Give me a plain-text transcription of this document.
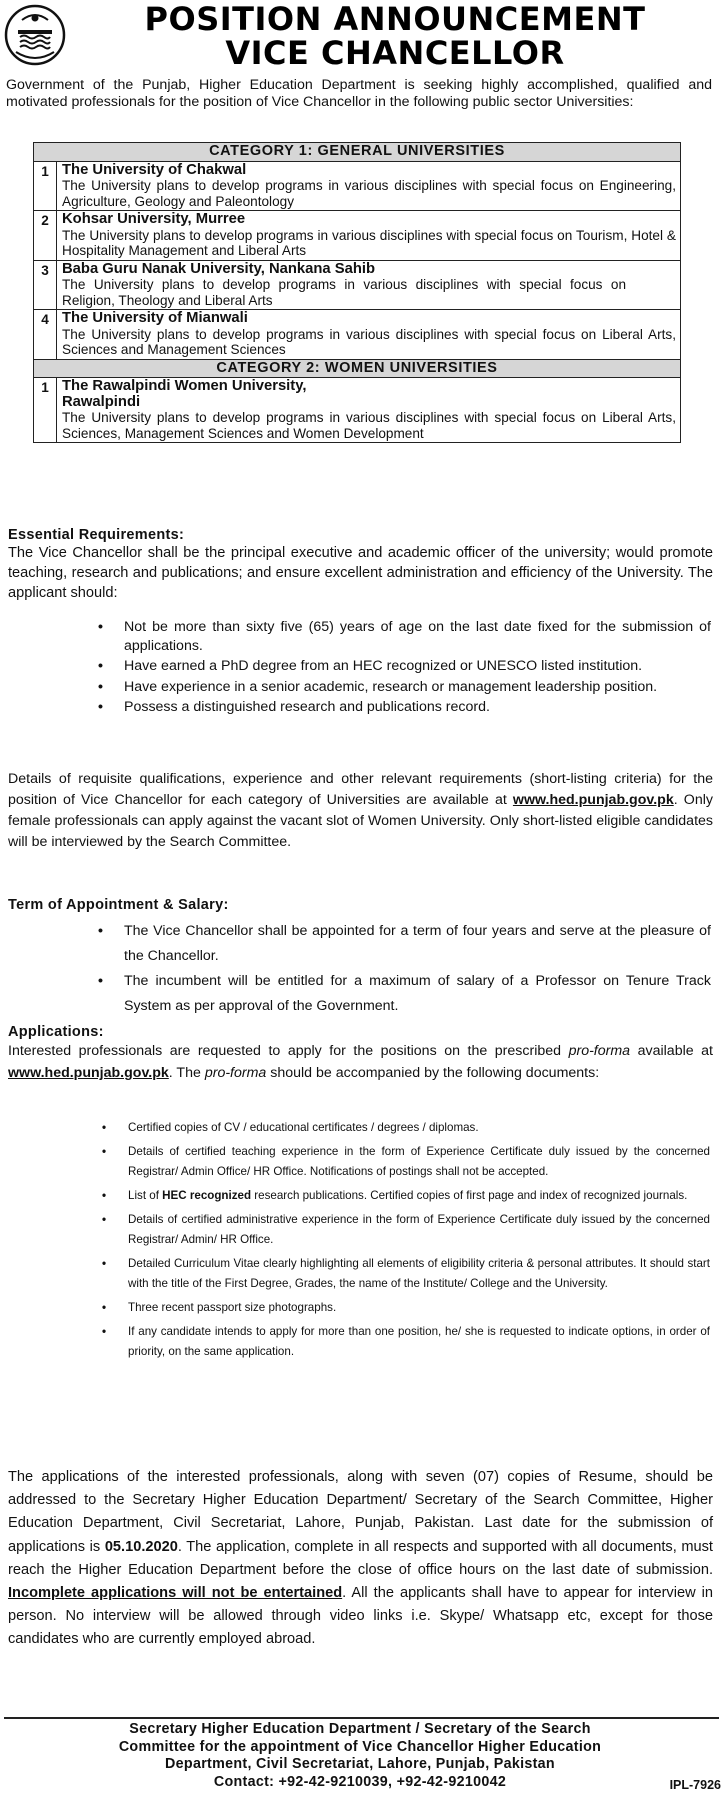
POSITION ANNOUNCEMENT
VICE CHANCELLOR
Government of the Punjab, Higher Education Department is seeking highly accomplished, qualified and motivated professionals for the position of Vice Chancellor in the following public sector Universities:
CATEGORY 1: GENERAL UNIVERSITIES	
1	The University of Chakwal
The University plans to develop programs in various disciplines with special focus on Engineering, Agriculture, Geology and Paleontology

2	Kohsar University, Murree
The University plans to develop programs in various disciplines with special focus on Tourism, Hotel & Hospitality Management and Liberal Arts

3	Baba Guru Nanak University, Nankana Sahib
The University plans to develop programs in various disciplines with special focus on Religion, Theology and Liberal Arts

4	The University of Mianwali
The University plans to develop programs in various disciplines with special focus on Liberal Arts, Sciences and Management Sciences

CATEGORY 2: WOMEN UNIVERSITIES	
1	The Rawalpindi Women University, Rawalpindi
The University plans to develop programs in various disciplines with special focus on Liberal Arts, Sciences, Management Sciences and Women Development
Essential Requirements:
The Vice Chancellor shall be the principal executive and academic officer of the university; would promote teaching, research and publications; and ensure excellent administration and efficiency of the University. The applicant should:
• Not be more than sixty five (65) years of age on the last date fixed for the submission of applications.
• Have earned a PhD degree from an HEC recognized or UNESCO listed institution.
• Have experience in a senior academic, research or management leadership position.
• Possess a distinguished research and publications record.
Details of requisite qualifications, experience and other relevant requirements (short-listing criteria) for the position of Vice Chancellor for each category of Universities are available at www.hed.punjab.gov.pk. Only female professionals can apply against the vacant slot of Women University. Only short-listed eligible candidates will be interviewed by the Search Committee.
Term of Appointment & Salary:
• The Vice Chancellor shall be appointed for a term of four years and serve at the pleasure of the Chancellor.
• The incumbent will be entitled for a maximum of salary of a Professor on Tenure Track System as per approval of the Government.
Applications:
Interested professionals are requested to apply for the positions on the prescribed pro-forma available at www.hed.punjab.gov.pk. The pro-forma should be accompanied by the following documents:
• Certified copies of CV / educational certificates / degrees / diplomas.
• Details of certified teaching experience in the form of Experience Certificate duly issued by the concerned Registrar/ Admin Office/ HR Office. Notifications of postings shall not be accepted.
• List of HEC recognized research publications. Certified copies of first page and index of recognized journals.
• Details of certified administrative experience in the form of Experience Certificate duly issued by the concerned Registrar/ Admin/ HR Office.
• Detailed Curriculum Vitae clearly highlighting all elements of eligibility criteria & personal attributes. It should start with the title of the First Degree, Grades, the name of the Institute/ College and the University.
• Three recent passport size photographs.
• If any candidate intends to apply for more than one position, he/ she is requested to indicate options, in order of priority, on the same application.
The applications of the interested professionals, along with seven (07) copies of Resume, should be addressed to the Secretary Higher Education Department/ Secretary of the Search Committee, Higher Education Department, Civil Secretariat, Lahore, Punjab, Pakistan. Last date for the submission of applications is 05.10.2020. The application, complete in all respects and supported with all documents, must reach the Higher Education Department before the close of office hours on the last date of submission. Incomplete applications will not be entertained. All the applicants shall have to appear for interview in person. No interview will be allowed through video links i.e. Skype/ Whatsapp etc, except for those candidates who are currently employed abroad.
Secretary Higher Education Department / Secretary of the Search
Committee for the appointment of Vice Chancellor Higher Education
Department, Civil Secretariat, Lahore, Punjab, Pakistan
Contact: +92-42-9210039, +92-42-9210042	IPL-7926
